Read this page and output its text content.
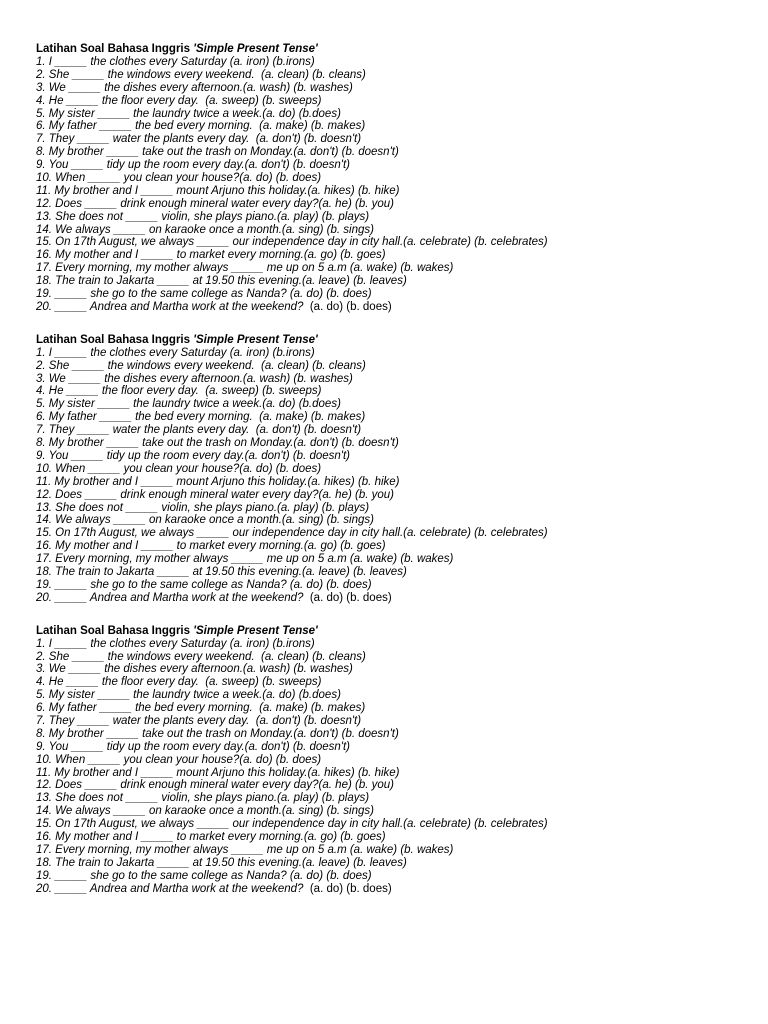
Latihan Soal Bahasa Inggris 'Simple Present Tense'
1. I _____ the clothes every Saturday (a. iron) (b.irons)
2. She _____ the windows every weekend.  (a. clean) (b. cleans)
3. We _____ the dishes every afternoon.(a. wash) (b. washes)
4. He _____ the floor every day.  (a. sweep) (b. sweeps)
5. My sister _____ the laundry twice a week.(a. do) (b.does)
6. My father _____ the bed every morning.  (a. make) (b. makes)
7. They _____ water the plants every day.  (a. don't) (b. doesn't)
8. My brother _____ take out the trash on Monday.(a. don't) (b. doesn't)
9. You _____ tidy up the room every day.(a. don't) (b. doesn't)
10. When _____ you clean your house?(a. do) (b. does)
11. My brother and I _____ mount Arjuno this holiday.(a. hikes) (b. hike)
12. Does _____ drink enough mineral water every day?(a. he) (b. you)
13. She does not _____ violin, she plays piano.(a. play) (b. plays)
14. We always _____ on karaoke once a month.(a. sing) (b. sings)
15. On 17th August, we always _____ our independence day in city hall.(a. celebrate) (b. celebrates)
16. My mother and I _____ to market every morning.(a. go) (b. goes)
17. Every morning, my mother always _____ me up on 5 a.m (a. wake) (b. wakes)
18. The train to Jakarta _____ at 19.50 this evening.(a. leave) (b. leaves)
19. _____ she go to the same college as Nanda? (a. do) (b. does)
20. _____ Andrea and Martha work at the weekend?  (a. do) (b. does)
Latihan Soal Bahasa Inggris 'Simple Present Tense'
1. I _____ the clothes every Saturday (a. iron) (b.irons)
2. She _____ the windows every weekend.  (a. clean) (b. cleans)
3. We _____ the dishes every afternoon.(a. wash) (b. washes)
4. He _____ the floor every day.  (a. sweep) (b. sweeps)
5. My sister _____ the laundry twice a week.(a. do) (b.does)
6. My father _____ the bed every morning.  (a. make) (b. makes)
7. They _____ water the plants every day.  (a. don't) (b. doesn't)
8. My brother _____ take out the trash on Monday.(a. don't) (b. doesn't)
9. You _____ tidy up the room every day.(a. don't) (b. doesn't)
10. When _____ you clean your house?(a. do) (b. does)
11. My brother and I _____ mount Arjuno this holiday.(a. hikes) (b. hike)
12. Does _____ drink enough mineral water every day?(a. he) (b. you)
13. She does not _____ violin, she plays piano.(a. play) (b. plays)
14. We always _____ on karaoke once a month.(a. sing) (b. sings)
15. On 17th August, we always _____ our independence day in city hall.(a. celebrate) (b. celebrates)
16. My mother and I _____ to market every morning.(a. go) (b. goes)
17. Every morning, my mother always _____ me up on 5 a.m (a. wake) (b. wakes)
18. The train to Jakarta _____ at 19.50 this evening.(a. leave) (b. leaves)
19. _____ she go to the same college as Nanda? (a. do) (b. does)
20. _____ Andrea and Martha work at the weekend?  (a. do) (b. does)
Latihan Soal Bahasa Inggris 'Simple Present Tense'
1. I _____ the clothes every Saturday (a. iron) (b.irons)
2. She _____ the windows every weekend.  (a. clean) (b. cleans)
3. We _____ the dishes every afternoon.(a. wash) (b. washes)
4. He _____ the floor every day.  (a. sweep) (b. sweeps)
5. My sister _____ the laundry twice a week.(a. do) (b.does)
6. My father _____ the bed every morning.  (a. make) (b. makes)
7. They _____ water the plants every day.  (a. don't) (b. doesn't)
8. My brother _____ take out the trash on Monday.(a. don't) (b. doesn't)
9. You _____ tidy up the room every day.(a. don't) (b. doesn't)
10. When _____ you clean your house?(a. do) (b. does)
11. My brother and I _____ mount Arjuno this holiday.(a. hikes) (b. hike)
12. Does _____ drink enough mineral water every day?(a. he) (b. you)
13. She does not _____ violin, she plays piano.(a. play) (b. plays)
14. We always _____ on karaoke once a month.(a. sing) (b. sings)
15. On 17th August, we always _____ our independence day in city hall.(a. celebrate) (b. celebrates)
16. My mother and I _____ to market every morning.(a. go) (b. goes)
17. Every morning, my mother always _____ me up on 5 a.m (a. wake) (b. wakes)
18. The train to Jakarta _____ at 19.50 this evening.(a. leave) (b. leaves)
19. _____ she go to the same college as Nanda? (a. do) (b. does)
20. _____ Andrea and Martha work at the weekend?  (a. do) (b. does)
